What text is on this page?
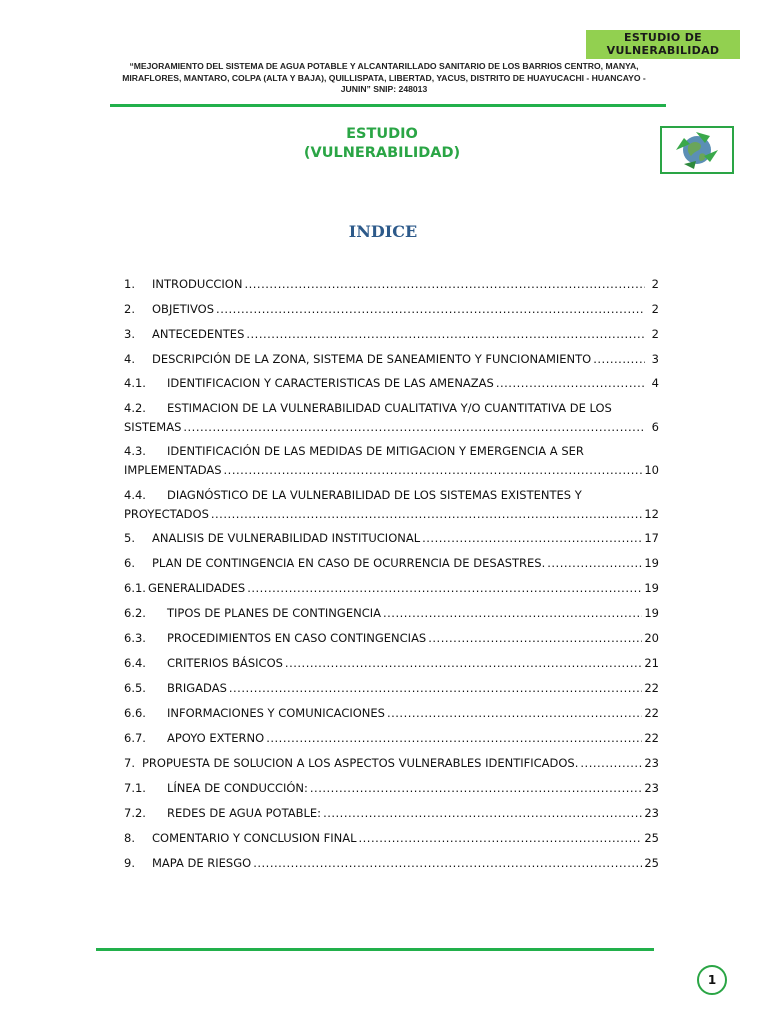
ESTUDIO DE
VULNERABILIDAD
“MEJORAMIENTO DEL SISTEMA DE AGUA POTABLE Y ALCANTARILLADO SANITARIO DE LOS BARRIOS CENTRO, MANYA,
MIRAFLORES, MANTARO, COLPA (ALTA Y BAJA), QUILLISPATA, LIBERTAD, YACUS, DISTRITO DE HUAYUCACHI - HUANCAYO -
JUNIN” SNIP: 248013
ESTUDIO
(VULNERABILIDAD)
INDICE
1.	INTRODUCCION .....	2
2.	OBJETIVOS .....	2
3.	ANTECEDENTES .....	2
4.	DESCRIPCIÓN DE LA ZONA, SISTEMA DE SANEAMIENTO Y FUNCIONAMIENTO .....	3
4.1.	IDENTIFICACION Y CARACTERISTICAS DE LAS AMENAZAS .....	4
4.2.	ESTIMACION DE LA VULNERABILIDAD CUALITATIVA Y/O CUANTITATIVA DE LOS
SISTEMAS .....	6
4.3.	IDENTIFICACIÓN DE LAS MEDIDAS DE MITIGACION Y EMERGENCIA A SER
IMPLEMENTADAS .....	10
4.4.	DIAGNÓSTICO DE LA VULNERABILIDAD DE LOS SISTEMAS EXISTENTES Y
PROYECTADOS .....	12
5.	ANALISIS DE VULNERABILIDAD INSTITUCIONAL .....	17
6.	PLAN DE CONTINGENCIA EN CASO DE OCURRENCIA DE DESASTRES. .....	19
6.1. GENERALIDADES .....	19
6.2.	TIPOS DE PLANES DE CONTINGENCIA .....	19
6.3.	PROCEDIMIENTOS EN CASO CONTINGENCIAS .....	20
6.4.	CRITERIOS BÁSICOS .....	21
6.5.	BRIGADAS .....	22
6.6.	INFORMACIONES Y COMUNICACIONES .....	22
6.7.	APOYO EXTERNO .....	22
7. PROPUESTA DE SOLUCION A LOS ASPECTOS VULNERABLES IDENTIFICADOS. .....	23
7.1.	LÍNEA DE CONDUCCIÓN: .....	23
7.2.	REDES DE AGUA POTABLE: .....	23
8.	COMENTARIO Y CONCLUSION FINAL .....	25
9.	MAPA DE RIESGO .....	25
1
